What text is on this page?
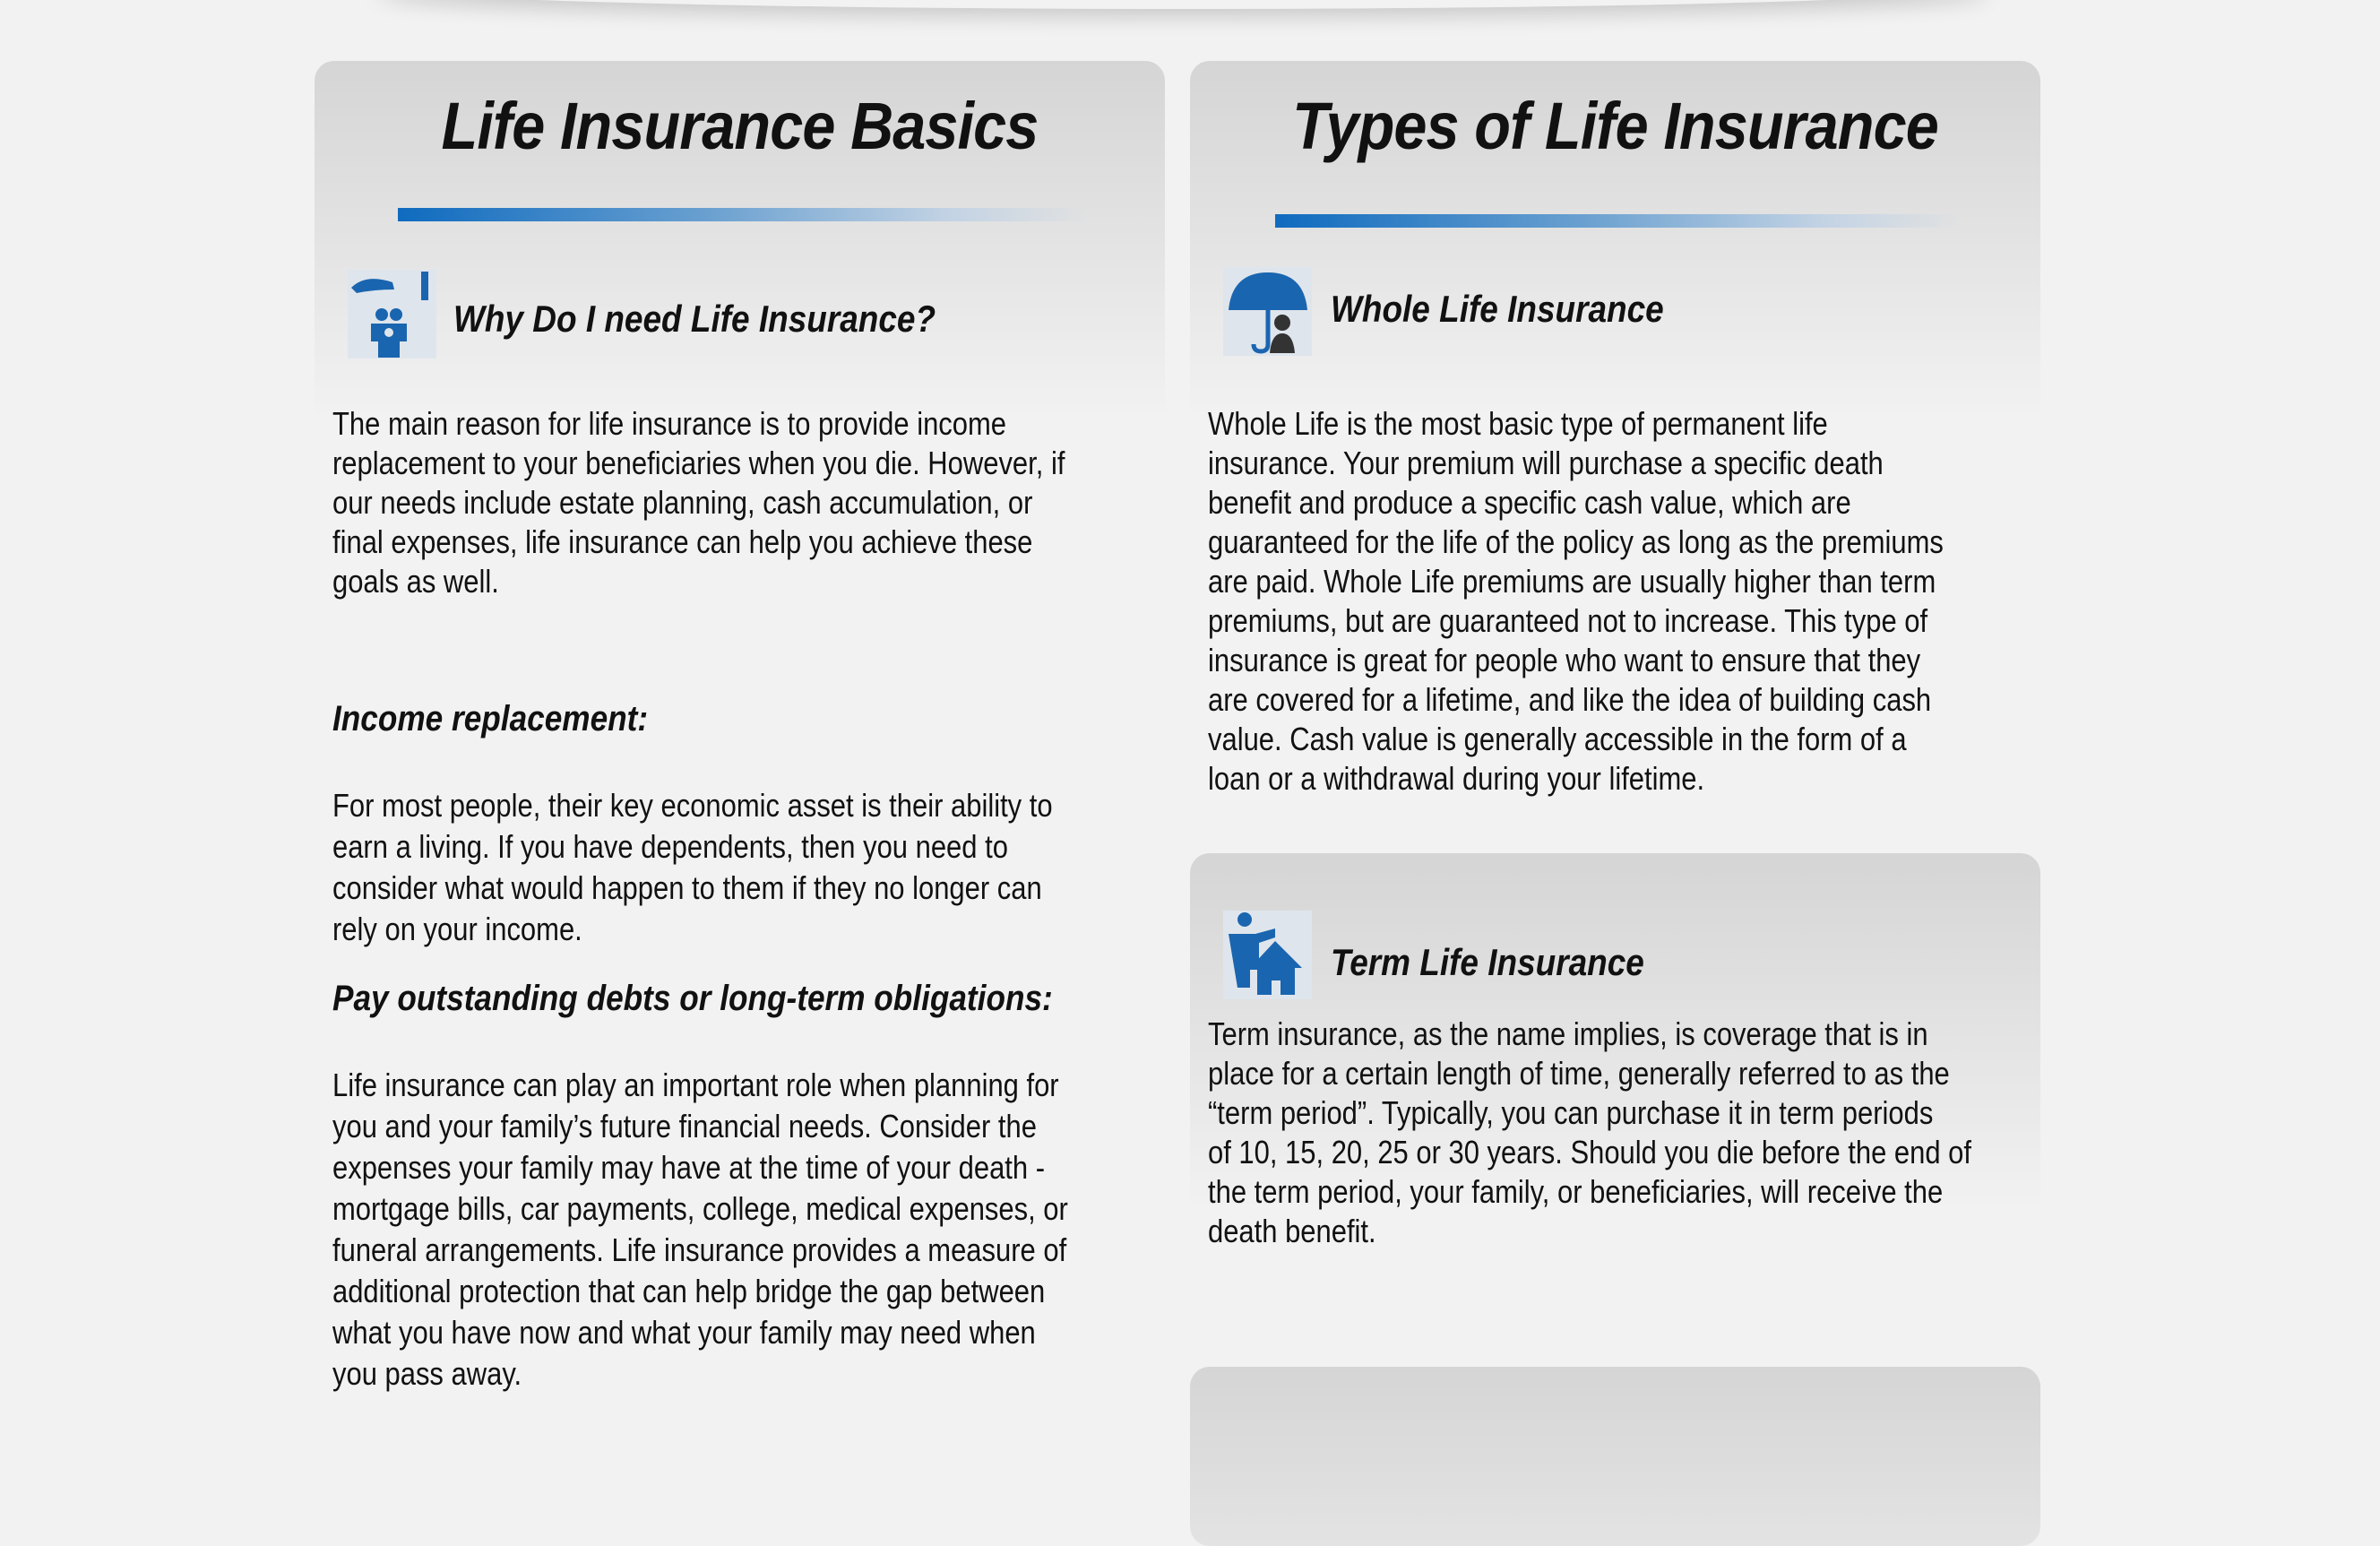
Life Insurance Basics
Why Do I need Life Insurance?
The main reason for life insurance is to provide income
replacement to your beneficiaries when you die. However, if
our needs include estate planning, cash accumulation, or
final expenses, life insurance can help you achieve these
goals as well.
Income replacement:
For most people, their key economic asset is their ability to
earn a living. If you have dependents, then you need to
consider what would happen to them if they no longer can
rely on your income.
Pay outstanding debts or long-term obligations:
Life insurance can play an important role when planning for
you and your family’s future financial needs. Consider the
expenses your family may have at the time of your death -
mortgage bills, car payments, college, medical expenses, or
funeral arrangements. Life insurance provides a measure of
additional protection that can help bridge the gap between
what you have now and what your family may need when
you pass away.
Types of Life Insurance
Whole Life Insurance
Whole Life is the most basic type of permanent life
insurance. Your premium will purchase a specific death
benefit and produce a specific cash value, which are
guaranteed for the life of the policy as long as the premiums
are paid. Whole Life premiums are usually higher than term
premiums, but are guaranteed not to increase. This type of
insurance is great for people who want to ensure that they
are covered for a lifetime, and like the idea of building cash
value. Cash value is generally accessible in the form of a
loan or a withdrawal during your lifetime.
Term Life Insurance
Term insurance, as the name implies, is coverage that is in
place for a certain length of time, generally referred to as the
“term period”. Typically, you can purchase it in term periods
of 10, 15, 20, 25 or 30 years. Should you die before the end of
the term period, your family, or beneficiaries, will receive the
death benefit.
